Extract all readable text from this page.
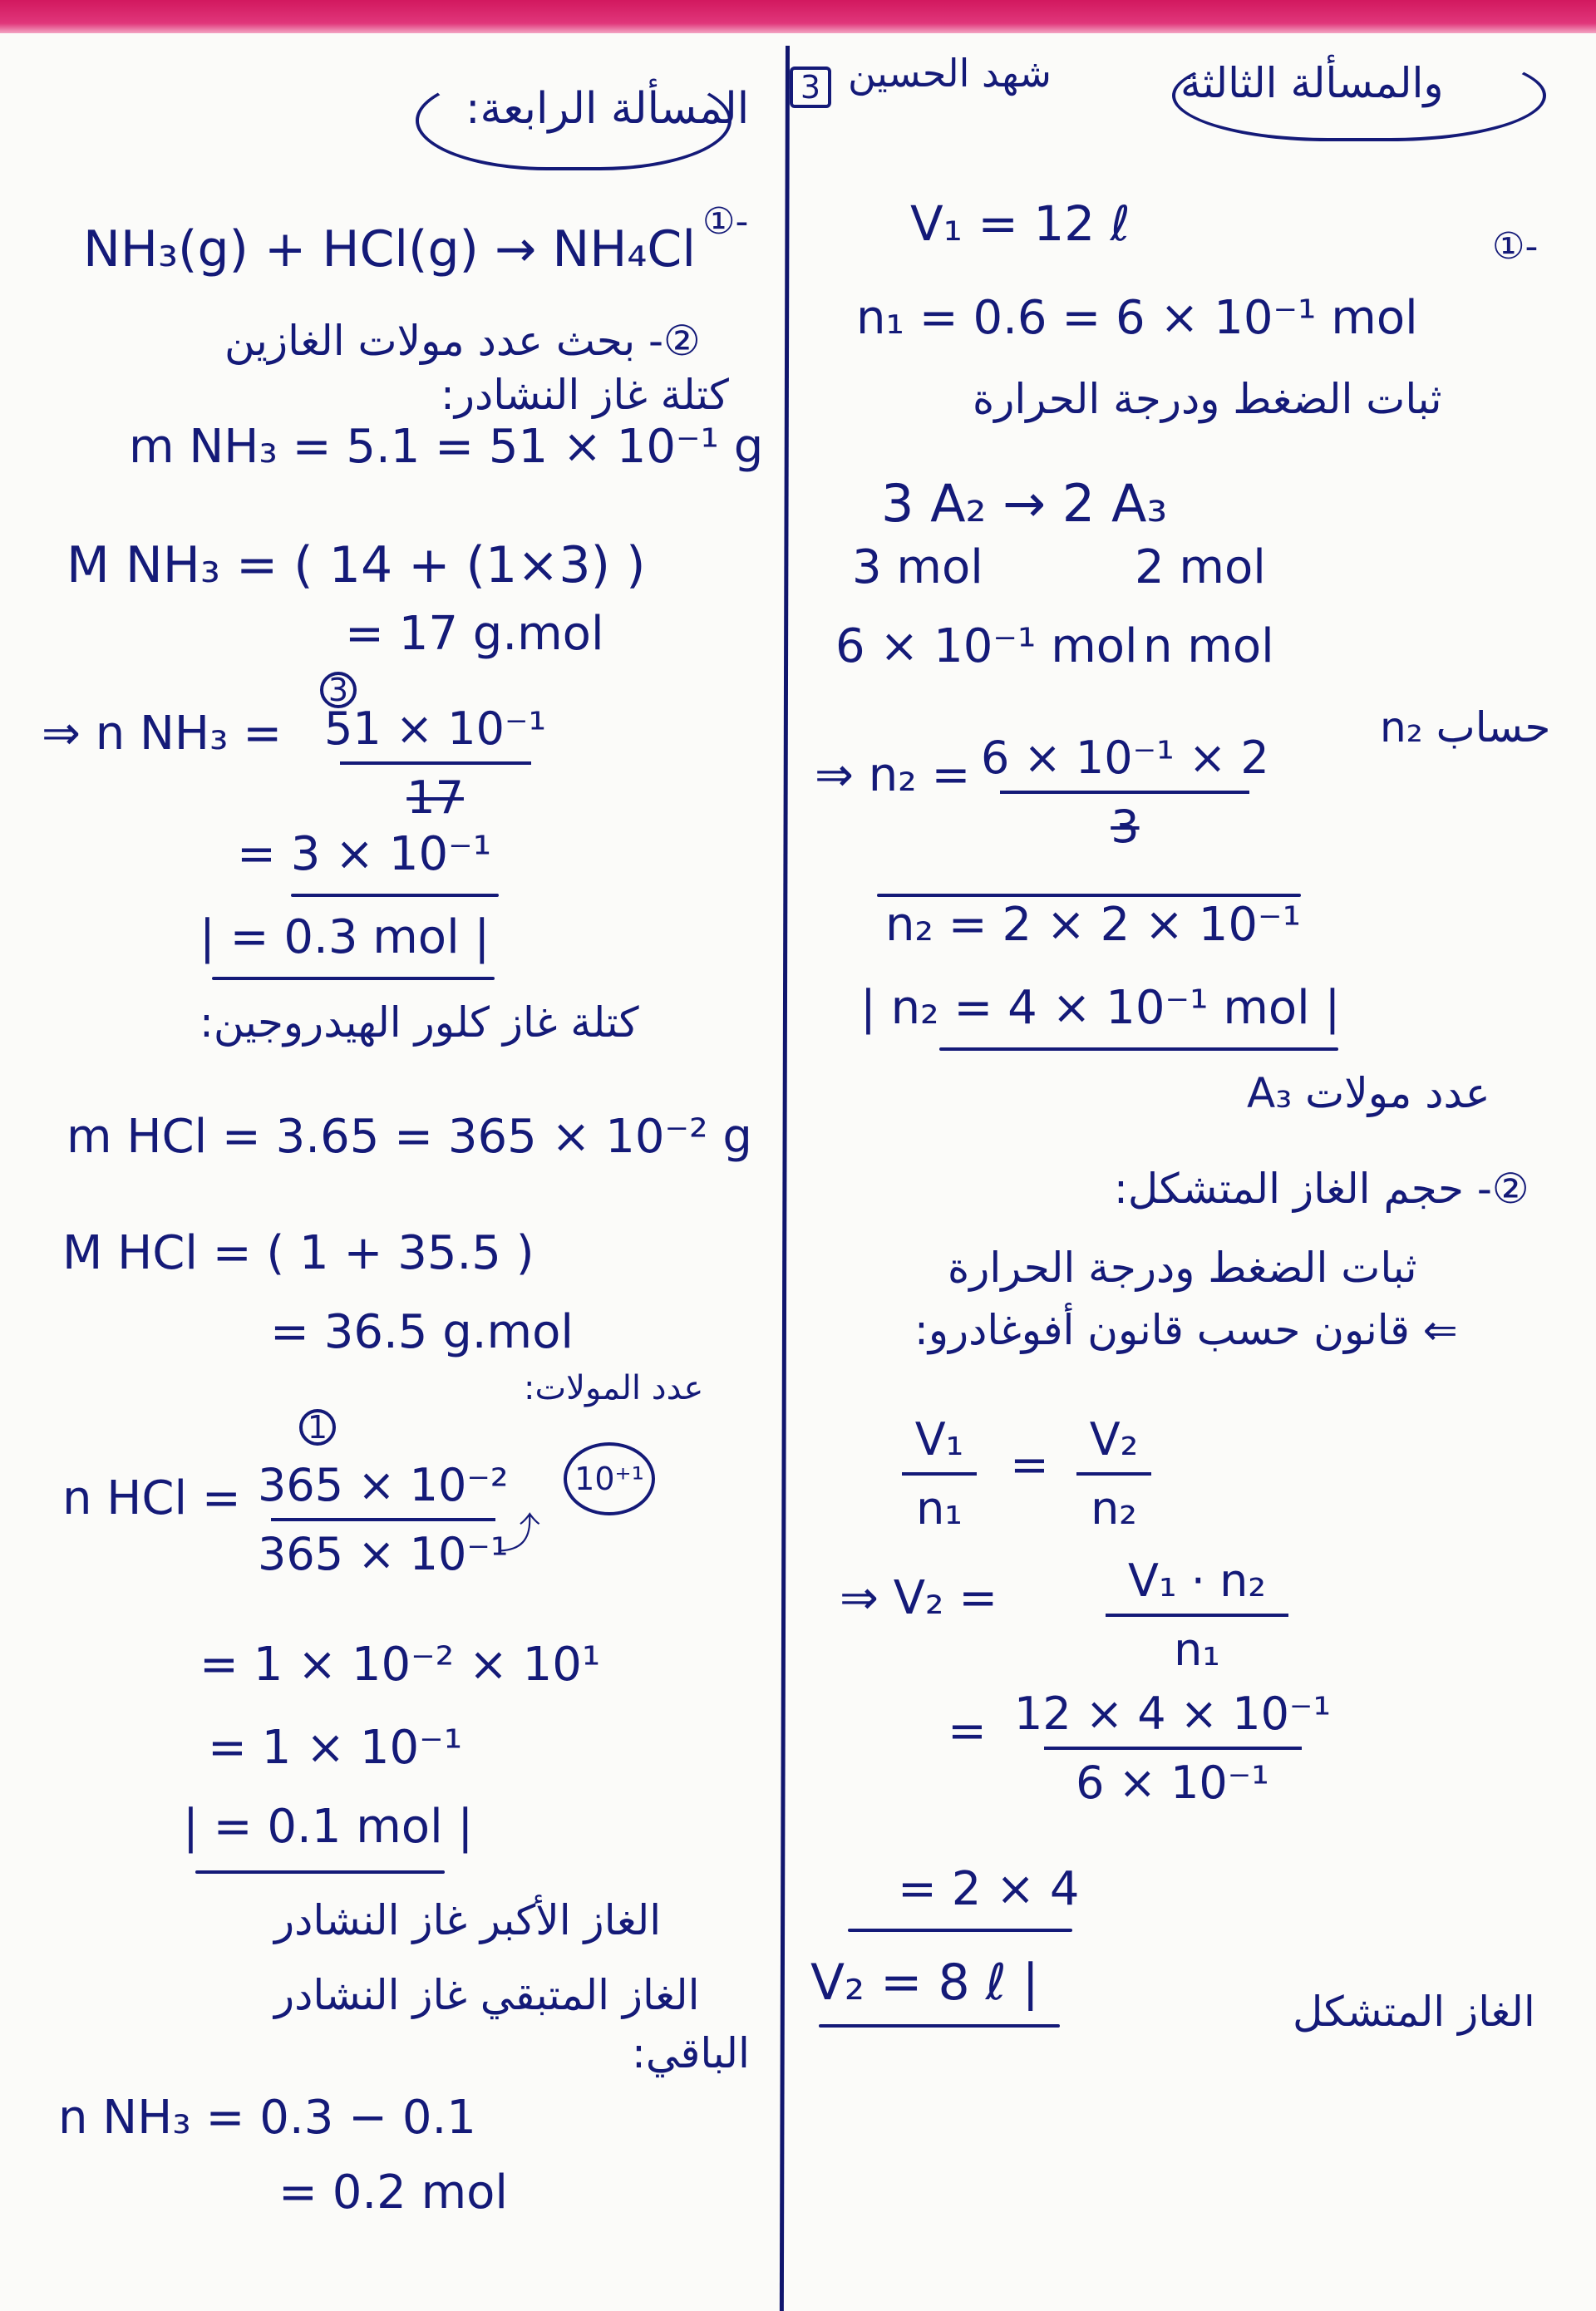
المسألة الرابعة:
شهد الحسين
3	والمسألة الثالثة
①-
NH₃(g) + HCl(g) → NH₄Cl
②- بحث عدد مولات الغازين
كتلة غاز النشادر:
m NH₃ = 5.1 = 51 × 10⁻¹ g
M NH₃ = ( 14 + (1×3) )
= 17 g.mol
⇒ n NH₃ =
3
51 × 10⁻¹
17
= 3 × 10⁻¹
| = 0.3 mol |
كتلة غاز كلور الهيدروجين:
m HCl = 3.65 = 365 × 10⁻² g
M HCl = ( 1 + 35.5 )
= 36.5 g.mol
عدد المولات:
1
n HCl = 365 × 10⁻²
365 × 10⁻¹
⤴
10⁺¹
= 1 × 10⁻² × 10¹
= 1 × 10⁻¹
| = 0.1 mol |
الغاز الأكبر غاز النشادر
الغاز المتبقي غاز النشادر
الباقي:
n NH₃ = 0.3 − 0.1
= 0.2 mol
V₁ = 12 ℓ	①-
n₁ = 0.6 = 6 × 10⁻¹ mol
ثبات الضغط ودرجة الحرارة
3 A₂ → 2 A₃
3 mol	2 mol
6 × 10⁻¹ mol n mol
حساب n₂
⇒ n₂ = 6 × 10⁻¹ × 2
3
n₂ = 2 × 2 × 10⁻¹
| n₂ = 4 × 10⁻¹ mol |
عدد مولات A₃
②- حجم الغاز المتشكل:
ثبات الضغط ودرجة الحرارة
⇐ قانون حسب قانون أفوغادرو:
V₁
n₁
= V₂
n₂
⇒ V₂ =	V₁ · n₂
n₁
= 12 × 4 × 10⁻¹
6 × 10⁻¹
= 2 × 4
V₂ = 8 ℓ |	الغاز المتشكل
